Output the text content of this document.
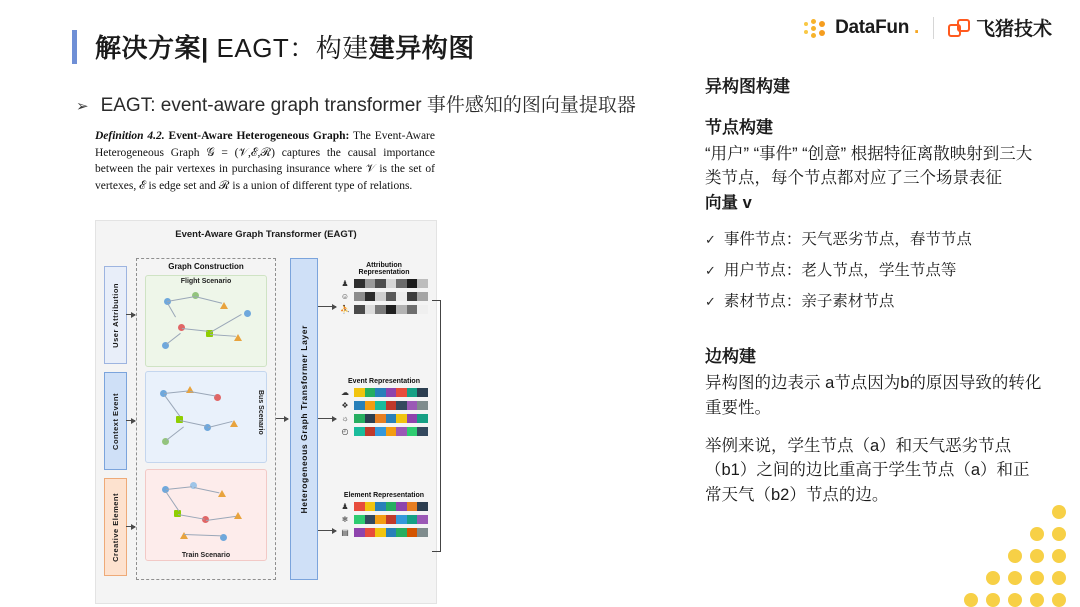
DataFun .	飞猪技术
解决方案| EAGT：构建建异构图
➢ EAGT: event-aware graph transformer 事件感知的图向量提取器
Definition 4.2. Event-Aware Heterogeneous Graph: The Event-Aware Heterogeneous Graph 𝒢 = (𝒱,ℰ,ℛ) captures the causal importance between the pair vertexes in purchasing insurance where 𝒱 is the set of vertexes, ℰ is edge set and ℛ is a union of different type of relations.
Event-Aware Graph Transformer (EAGT)
User Attribution
Context Event
Creative Element
Graph Construction
Flight Scenario
Bus Scenario
Train Scenario
Heterogeneous Graph Transformer Layer
Attribution Representation
♟
☺
⛹
Event Representation
☁
❖
☼
◴
Element Representation
♟
❄
▤
异构图构建
节点构建

“用户” “事件” “创意” 根据特征离散映射到三大类节点，每个节点都对应了三个场景表征

向量 v

✓ 事件节点：天气恶劣节点，春节节点
✓ 用户节点：老人节点，学生节点等
✓ 素材节点：亲子素材节点
边构建

异构图的边表示 a节点因为b的原因导致的转化重要性。

举例来说，学生节点（a）和天气恶劣节点（b1）之间的边比重高于学生节点（a）和正常天气（b2）节点的边。
